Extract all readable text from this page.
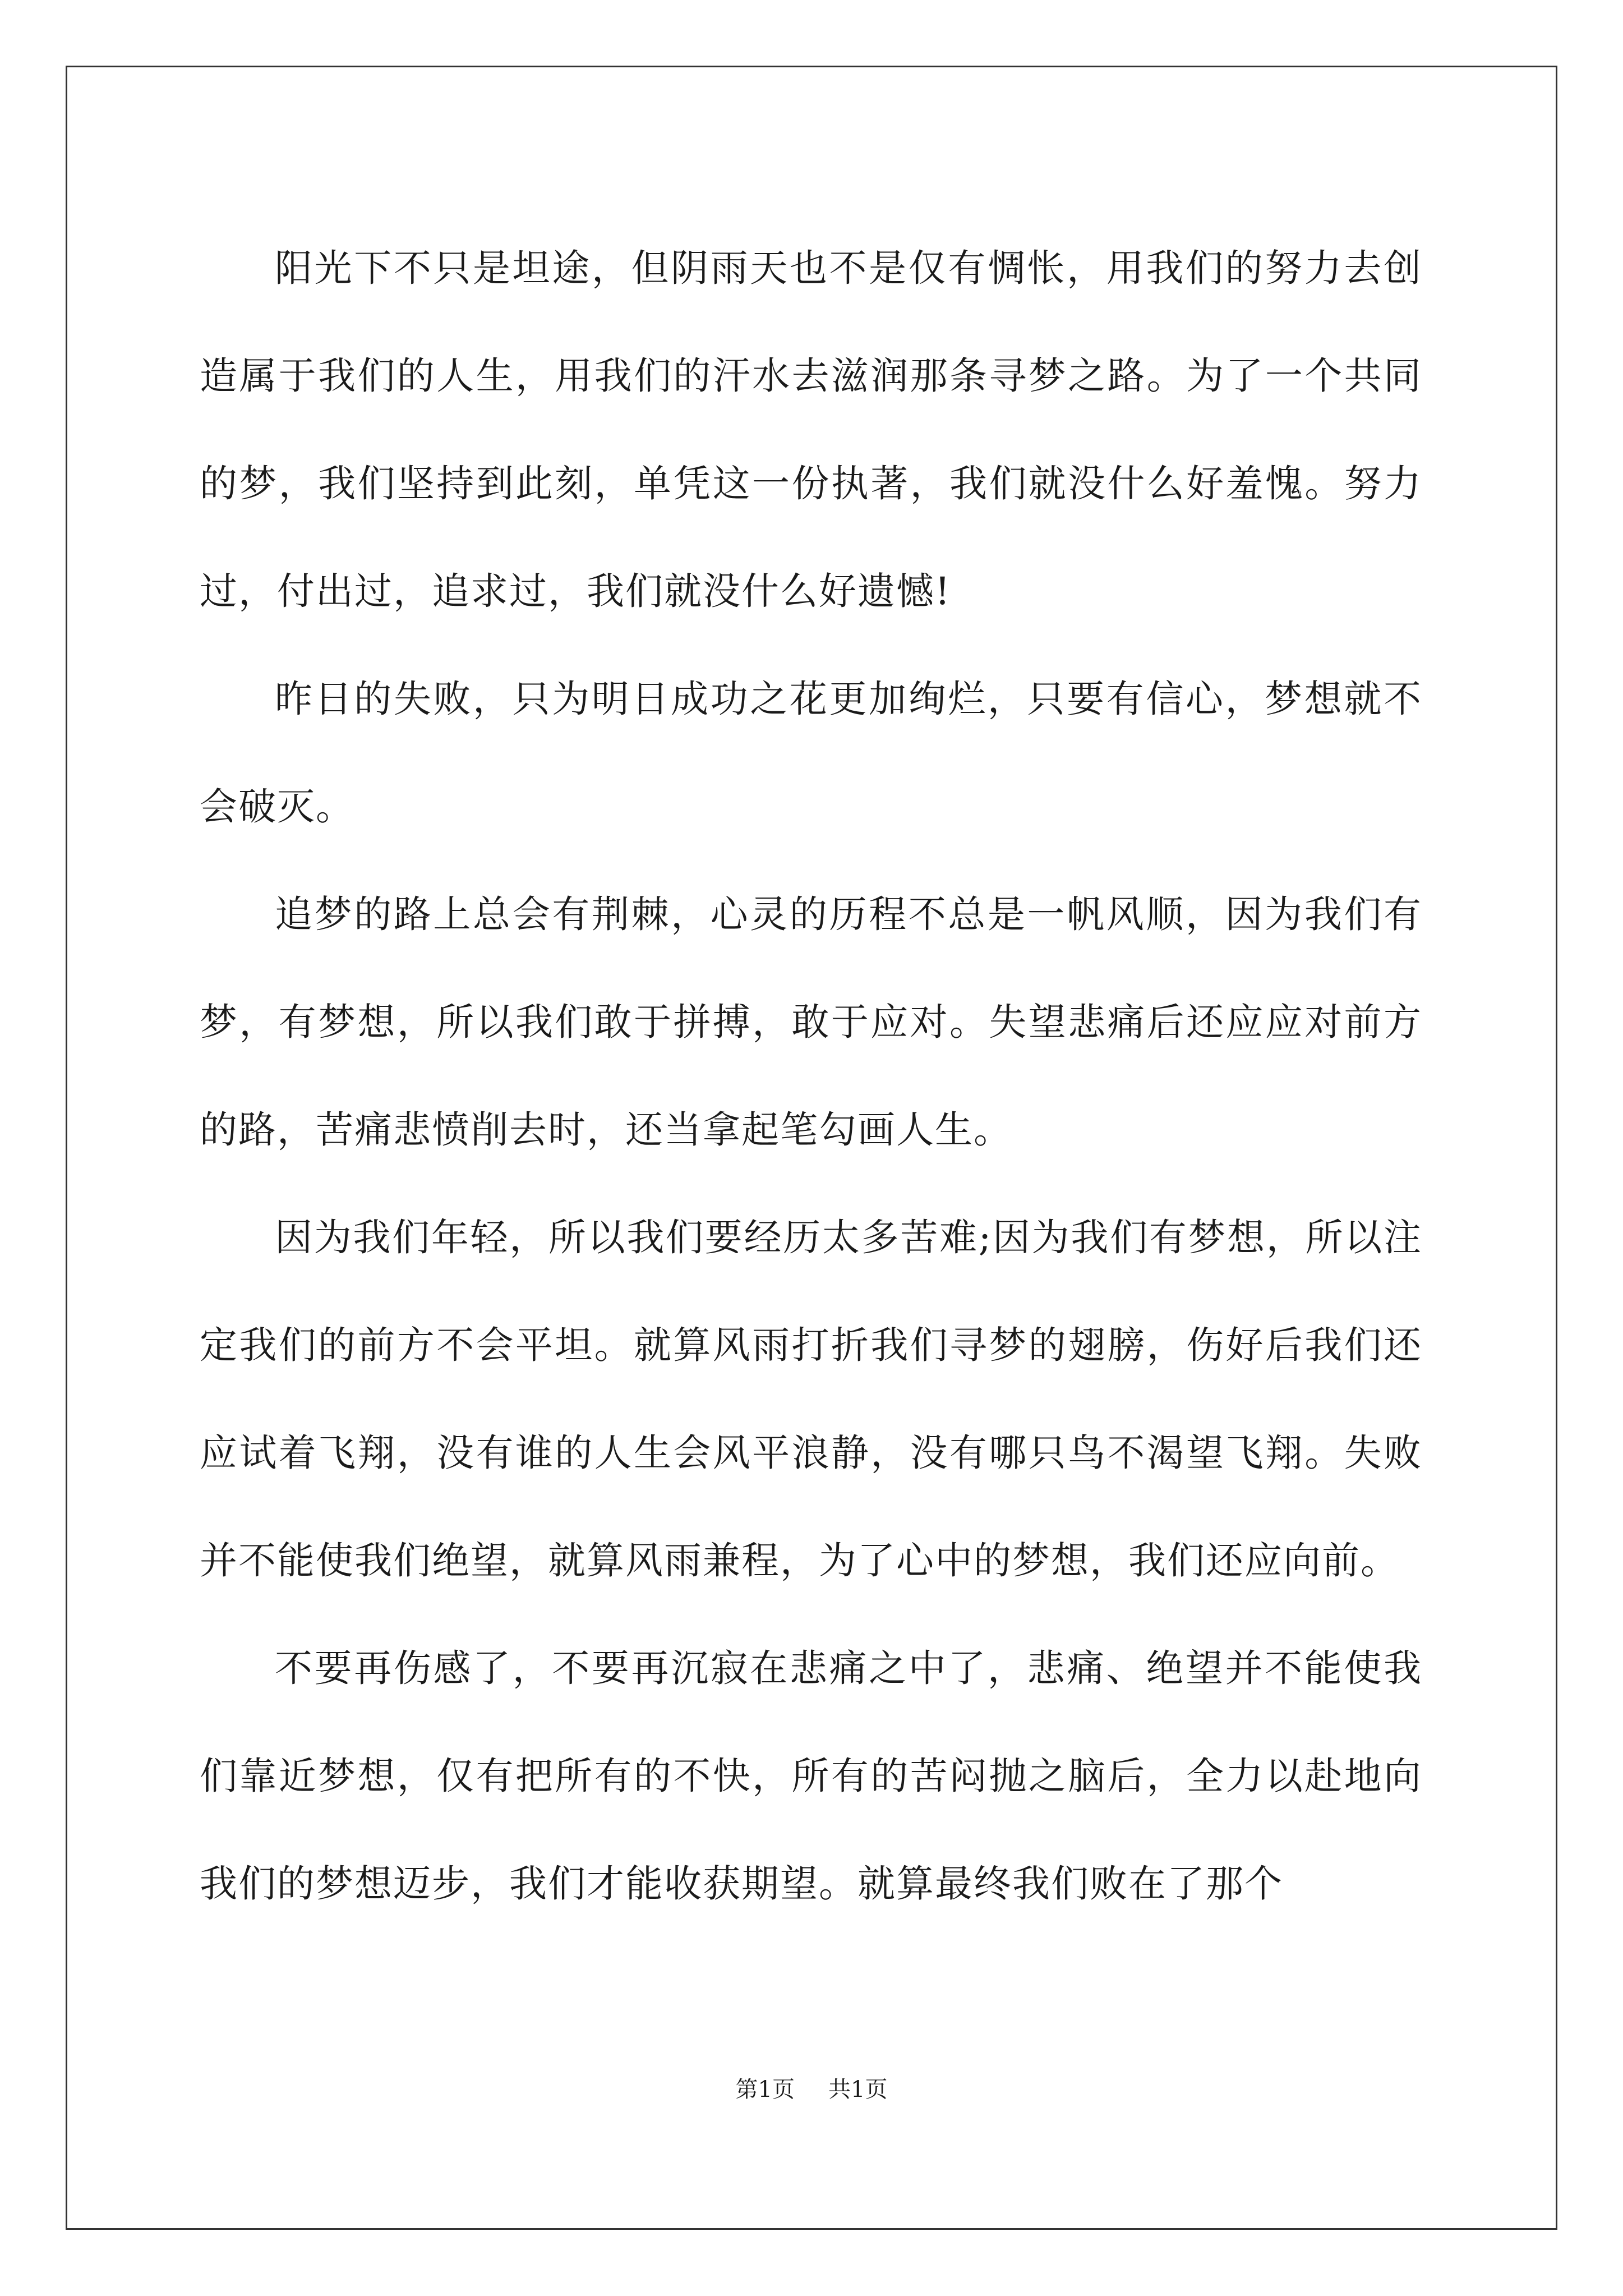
阳光下不只是坦途，但阴雨天也不是仅有惆怅，用我们的努力去创造属于我们的人生，用我们的汗水去滋润那条寻梦之路。为了一个共同的梦，我们坚持到此刻，单凭这一份执著，我们就没什么好羞愧。努力过，付出过，追求过，我们就没什么好遗憾!

昨日的失败，只为明日成功之花更加绚烂，只要有信心，梦想就不会破灭。

追梦的路上总会有荆棘，心灵的历程不总是一帆风顺，因为我们有梦，有梦想，所以我们敢于拼搏，敢于应对。失望悲痛后还应应对前方的路，苦痛悲愤削去时，还当拿起笔勾画人生。

因为我们年轻，所以我们要经历太多苦难;因为我们有梦想，所以注定我们的前方不会平坦。就算风雨打折我们寻梦的翅膀，伤好后我们还应试着飞翔，没有谁的人生会风平浪静，没有哪只鸟不渴望飞翔。失败并不能使我们绝望，就算风雨兼程，为了心中的梦想，我们还应向前。

不要再伤感了，不要再沉寂在悲痛之中了，悲痛、绝望并不能使我们靠近梦想，仅有把所有的不快，所有的苦闷抛之脑后，全力以赴地向我们的梦想迈步，我们才能收获期望。就算最终我们败在了那个

第1页 共1页
